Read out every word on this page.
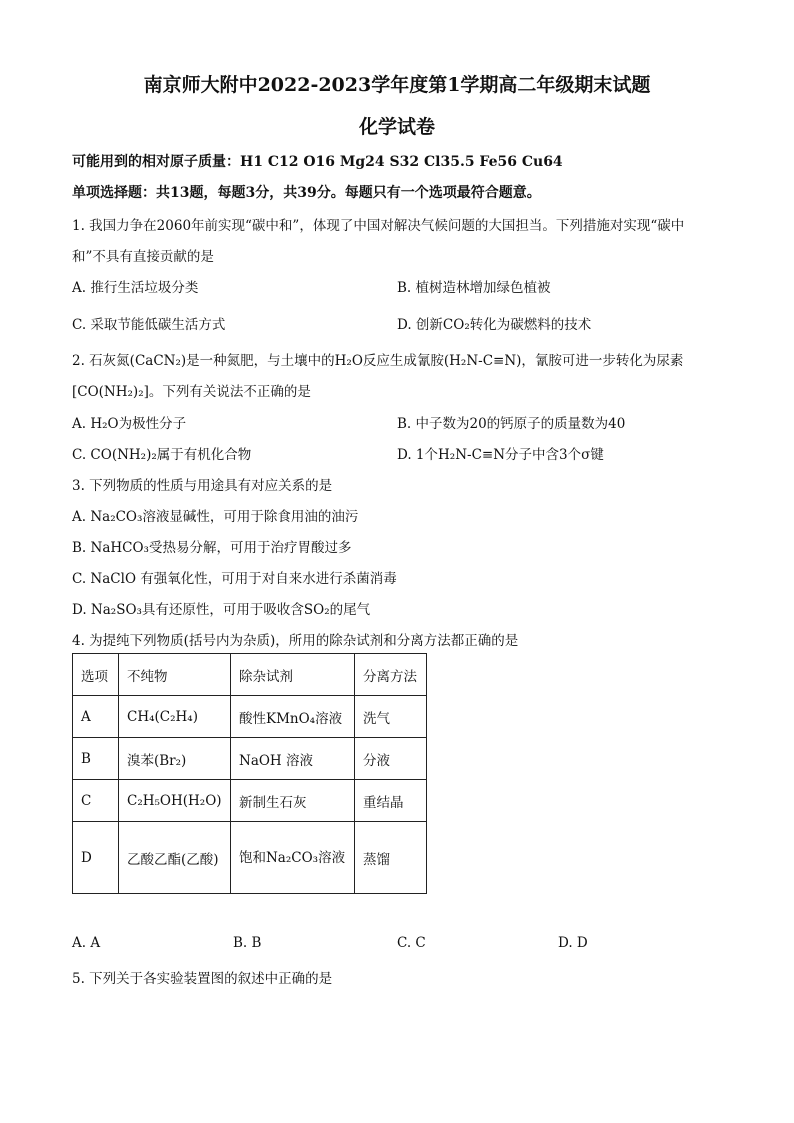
南京师大附中2022-2023学年度第1学期高二年级期末试题
化学试卷
可能用到的相对原子质量：H1 C12 O16 Mg24 S32 Cl35.5 Fe56 Cu64
单项选择题：共13题，每题3分，共39分。每题只有一个选项最符合题意。
1. 我国力争在2060年前实现“碳中和”，体现了中国对解决气候问题的大国担当。下列措施对实现“碳中
和”不具有直接贡献的是
A. 推行生活垃圾分类	B. 植树造林增加绿色植被
C. 采取节能低碳生活方式	D. 创新CO₂转化为碳燃料的技术
2. 石灰氮(CaCN₂)是一种氮肥，与土壤中的H₂O反应生成氰胺(H₂N-C≡N)，氰胺可进一步转化为尿素
[CO(NH₂)₂]。下列有关说法不正确的是
A. H₂O为极性分子	B. 中子数为20的钙原子的质量数为40
C. CO(NH₂)₂属于有机化合物	D. 1个H₂N-C≡N分子中含3个σ键
3. 下列物质的性质与用途具有对应关系的是
A. Na₂CO₃溶液显碱性，可用于除食用油的油污
B. NaHCO₃受热易分解，可用于治疗胃酸过多
C. NaClO 有强氧化性，可用于对自来水进行杀菌消毒
D. Na₂SO₃具有还原性，可用于吸收含SO₂的尾气
4. 为提纯下列物质(括号内为杂质)，所用的除杂试剂和分离方法都正确的是
选项	不纯物	除杂试剂	分离方法
A	CH₄(C₂H₄)	酸性KMnO₄溶液	洗气
B	溴苯(Br₂)	NaOH 溶液	分液
C	C₂H₅OH(H₂O)	新制生石灰	重结晶
D	乙酸乙酯(乙酸)	饱和Na₂CO₃溶液	蒸馏
A. A	B. B	C. C	D. D
5. 下列关于各实验装置图的叙述中正确的是
